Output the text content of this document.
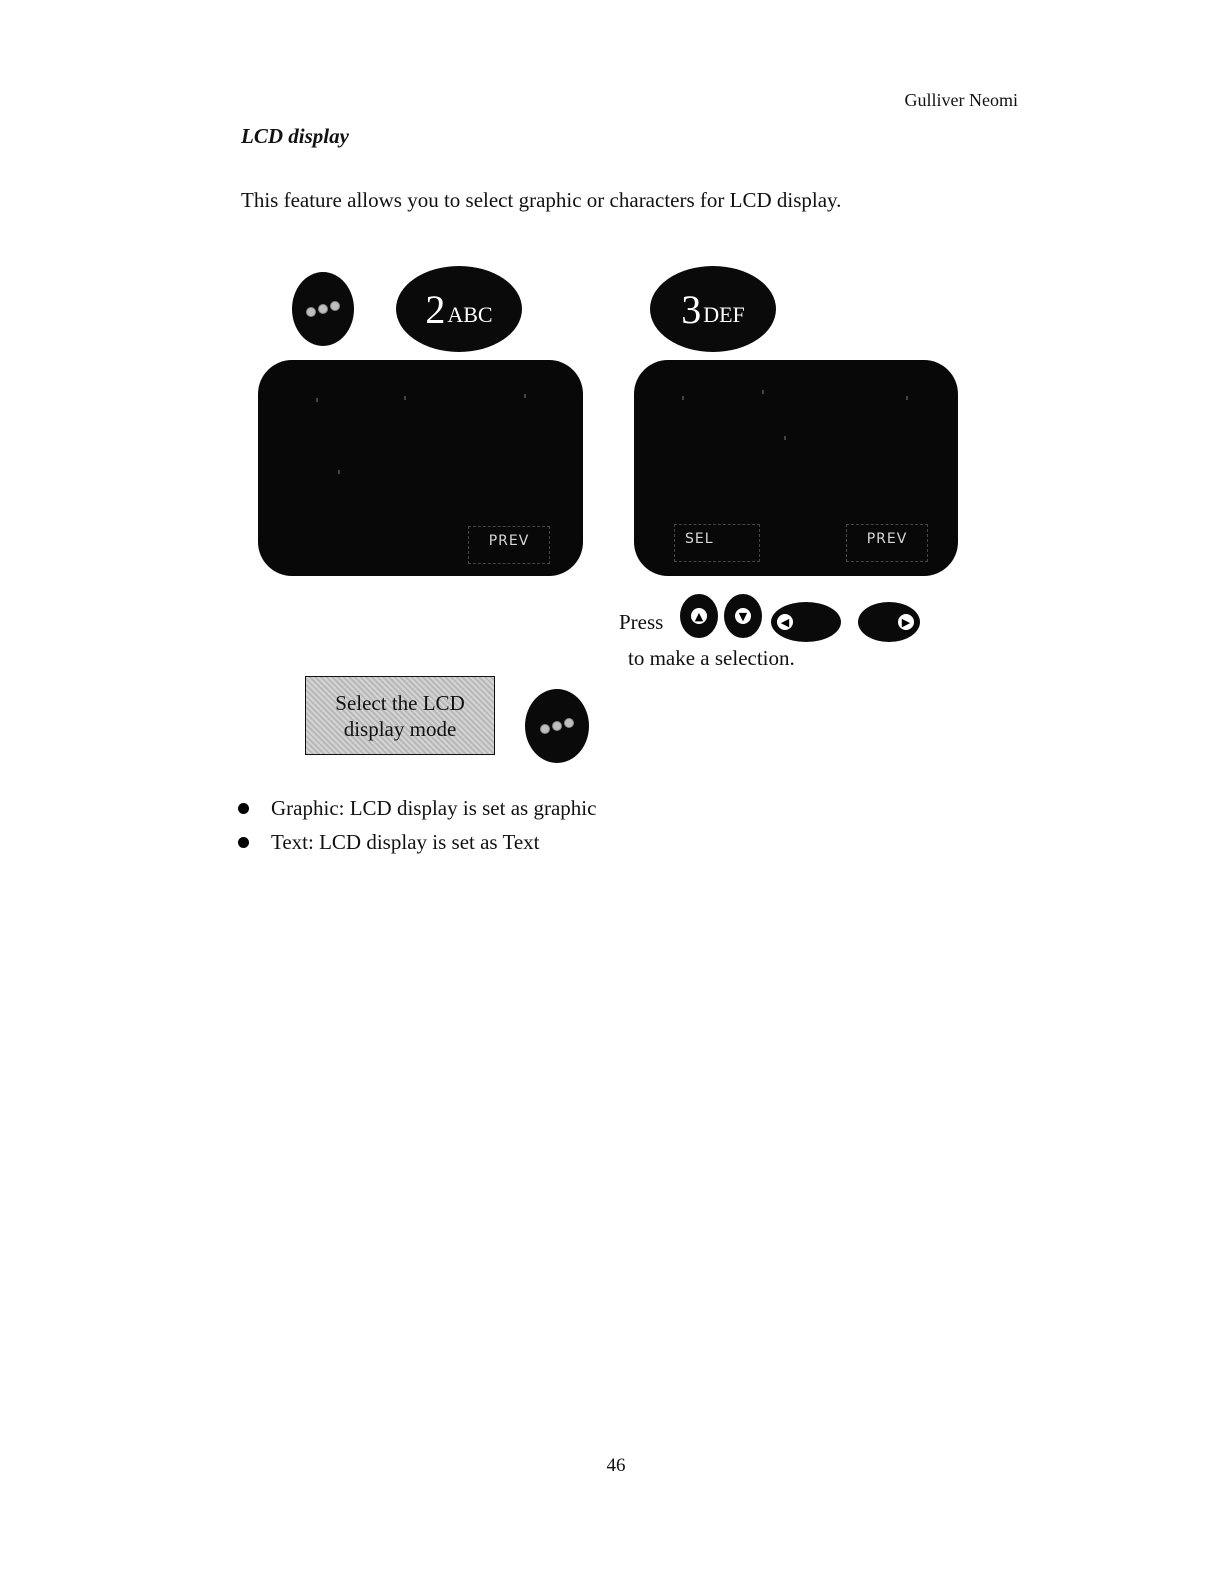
Gulliver Neomi
LCD display
This feature allows you to select graphic or characters for LCD display.
2 ABC	3 DEF
PREV	SEL	PREV
Press	▲	▼	◀	▶
to make a selection.
Select the LCD
display mode
Graphic: LCD display is set as graphic
Text: LCD display is set as Text
46
